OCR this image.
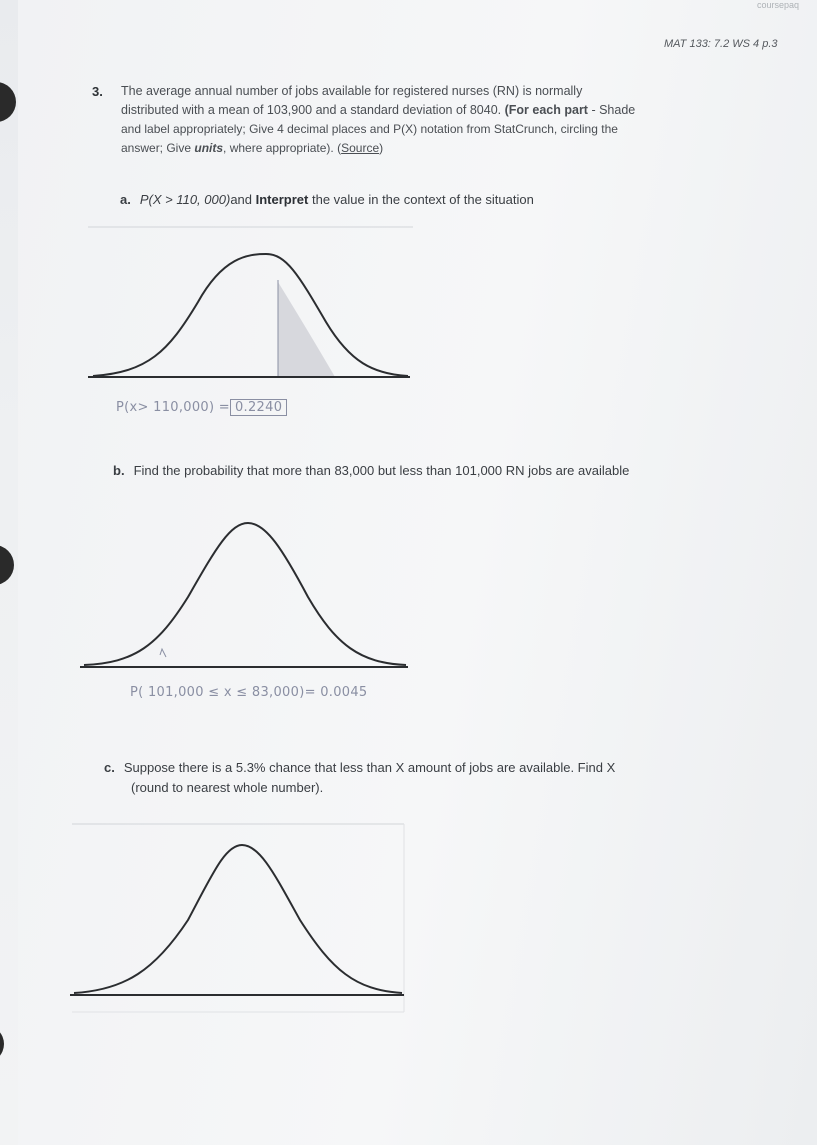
coursepaq
MAT 133: 7.2 WS 4 p.3
3. The average annual number of jobs available for registered nurses (RN) is normally
distributed with a mean of 103,900 and a standard deviation of 8040. (For each part - Shade
and label appropriately; Give 4 decimal places and P(X) notation from StatCrunch, circling the
answer; Give units, where appropriate). (Source)
a. P(X > 110, 000)and Interpret the value in the context of the situation
P(x> 110,000) = 0.2240
b. Find the probability that more than 83,000 but less than 101,000 RN jobs are available
P( 101,000 ≤ x ≤ 83,000)= 0.0045
c. Suppose there is a 5.3% chance that less than X amount of jobs are available. Find X
(round to nearest whole number).
